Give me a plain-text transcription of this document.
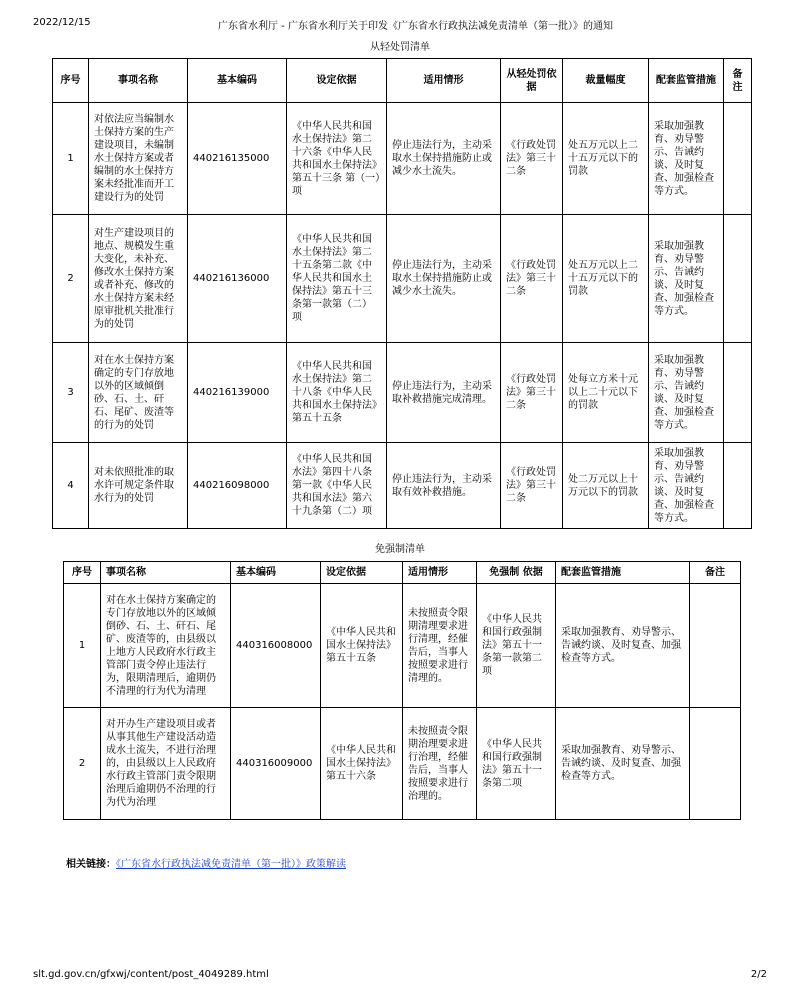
2022/12/15	广东省水利厅 - 广东省水利厅关于印发《广东省水行政执法减免责清单（第一批）》的通知
从轻处罚清单
序号	事项名称	基本编码	设定依据	适用情形	从轻处罚依据	裁量幅度	配套监管措施	备注
1	对依法应当编制水土保持方案的生产建设项目，未编制水土保持方案或者编制的水土保持方案未经批准而开工建设行为的处罚	440216135000	《中华人民共和国水土保持法》第二十六条《中华人民共和国水土保持法》第五十三条 第（一）项	停止违法行为，主动采取水土保持措施防止或减少水土流失。	《行政处罚法》第三十二条	处五万元以上二十五万元以下的罚款	采取加强教育、劝导警示、告诫约谈、及时复查、加强检查等方式。	
2	对生产建设项目的地点、规模发生重大变化，未补充、修改水土保持方案或者补充、修改的水土保持方案未经原审批机关批准行为的处罚	440216136000	《中华人民共和国水土保持法》第二十五条第二款《中华人民共和国水土保持法》第五十三条第一款第（二）项	停止违法行为，主动采取水土保持措施防止或减少水土流失。	《行政处罚法》第三十二条	处五万元以上二十五万元以下的罚款	采取加强教育、劝导警示、告诫约谈、及时复查、加强检查等方式。	
3	对在水土保持方案确定的专门存放地以外的区域倾倒砂、石、土、矸石、尾矿、废渣等的行为的处罚	440216139000	《中华人民共和国水土保持法》第二十八条《中华人民共和国水土保持法》第五十五条	停止违法行为，主动采取补救措施完成清理。	《行政处罚法》第三十二条	处每立方米十元以上二十元以下的罚款	采取加强教育、劝导警示、告诫约谈、及时复查、加强检查等方式。	
4	对未依照批准的取水许可规定条件取水行为的处罚	440216098000	《中华人民共和国水法》第四十八条第一款《中华人民共和国水法》第六十九条第（二）项	停止违法行为，主动采取有效补救措施。	《行政处罚法》第三十二条	处二万元以上十万元以下的罚款	采取加强教育、劝导警示、告诫约谈、及时复查、加强检查等方式。	
免强制清单
序号	事项名称	基本编码	设定依据	适用情形	免强制 依据	配套监管措施	备注
1	对在水土保持方案确定的专门存放地以外的区域倾倒砂、石、土、矸石、尾矿、废渣等的，由县级以上地方人民政府水行政主管部门责令停止违法行为，限期清理后，逾期仍不清理的行为代为清理	440316008000	《中华人民共和国水土保持法》第五十五条	未按照责令限期清理要求进行清理，经催告后，当事人按照要求进行清理的。	《中华人民共和国行政强制法》第五十一条第一款第二项	采取加强教育、劝导警示、告诫约谈、及时复查、加强检查等方式。	
2	对开办生产建设项目或者从事其他生产建设活动造成水土流失，不进行治理的，由县级以上人民政府水行政主管部门责令限期治理后逾期仍不治理的行为代为治理	440316009000	《中华人民共和国水土保持法》第五十六条	未按照责令限期治理要求进行治理，经催告后，当事人按照要求进行治理的。	《中华人民共和国行政强制法》第五十一条第二项	采取加强教育、劝导警示、告诫约谈、及时复查、加强检查等方式。	
相关链接：《广东省水行政执法减免责清单（第一批）》政策解读
slt.gd.gov.cn/gfxwj/content/post_4049289.html	2/2
